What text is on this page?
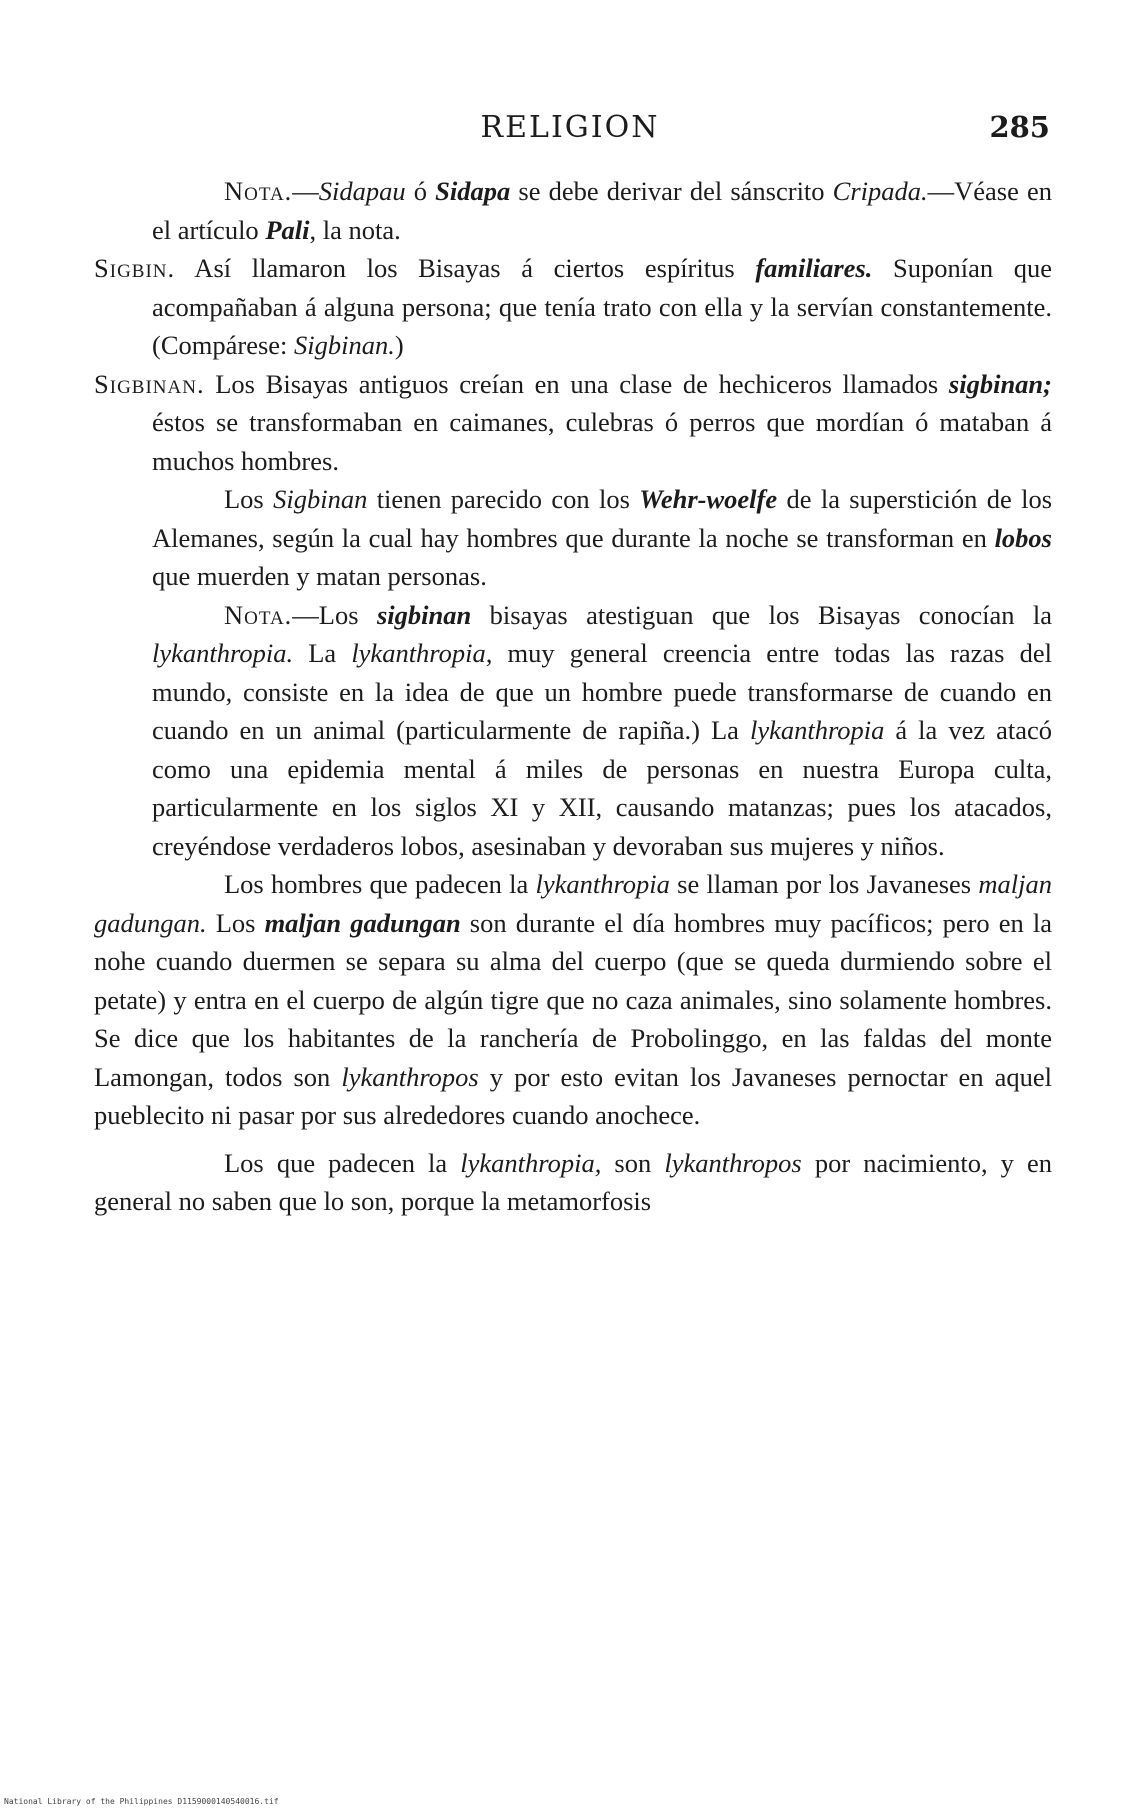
RELIGION	285

Nota.—Sidapau ó Sidapa se debe derivar del sánscrito Cripada.—Véase en el artículo Pali, la nota.

Sigbin. Así llamaron los Bisayas á ciertos espíritus familiares. Suponían que acompañaban á alguna persona; que tenía trato con ella y la servían constantemente. (Compárese: Sigbinan.)

Sigbinan. Los Bisayas antiguos creían en una clase de hechiceros llamados sigbinan; éstos se transformaban en caimanes, culebras ó perros que mordían ó mataban á muchos hombres.

Los Sigbinan tienen parecido con los Wehr-woelfe de la superstición de los Alemanes, según la cual hay hombres que durante la noche se transforman en lobos que muerden y matan personas.

Nota.—Los sigbinan bisayas atestiguan que los Bisayas conocían la lykanthropia. La lykanthropia, muy general creencia entre todas las razas del mundo, consiste en la idea de que un hombre puede transformarse de cuando en cuando en un animal (particularmente de rapiña.) La lykanthropia á la vez atacó como una epidemia mental á miles de personas en nuestra Europa culta, particularmente en los siglos XI y XII, causando matanzas; pues los atacados, creyéndose verdaderos lobos, asesinaban y devoraban sus mujeres y niños.

Los hombres que padecen la lykanthropia se llaman por los Javaneses maljan gadungan. Los maljan gadungan son durante el día hombres muy pacíficos; pero en la nohe cuando duermen se separa su alma del cuerpo (que se queda durmiendo sobre el petate) y entra en el cuerpo de algún tigre que no caza animales, sino solamente hombres. Se dice que los habitantes de la ranchería de Probolinggo, en las faldas del monte Lamongan, todos son lykanthropos y por esto evitan los Javaneses pernoctar en aquel pueblecito ni pasar por sus alrededores cuando anochece.

Los que padecen la lykanthropia, son lykanthropos por nacimiento, y en general no saben que lo son, porque la metamorfosis

National Library of the Philippines D1159000140540016.tif
